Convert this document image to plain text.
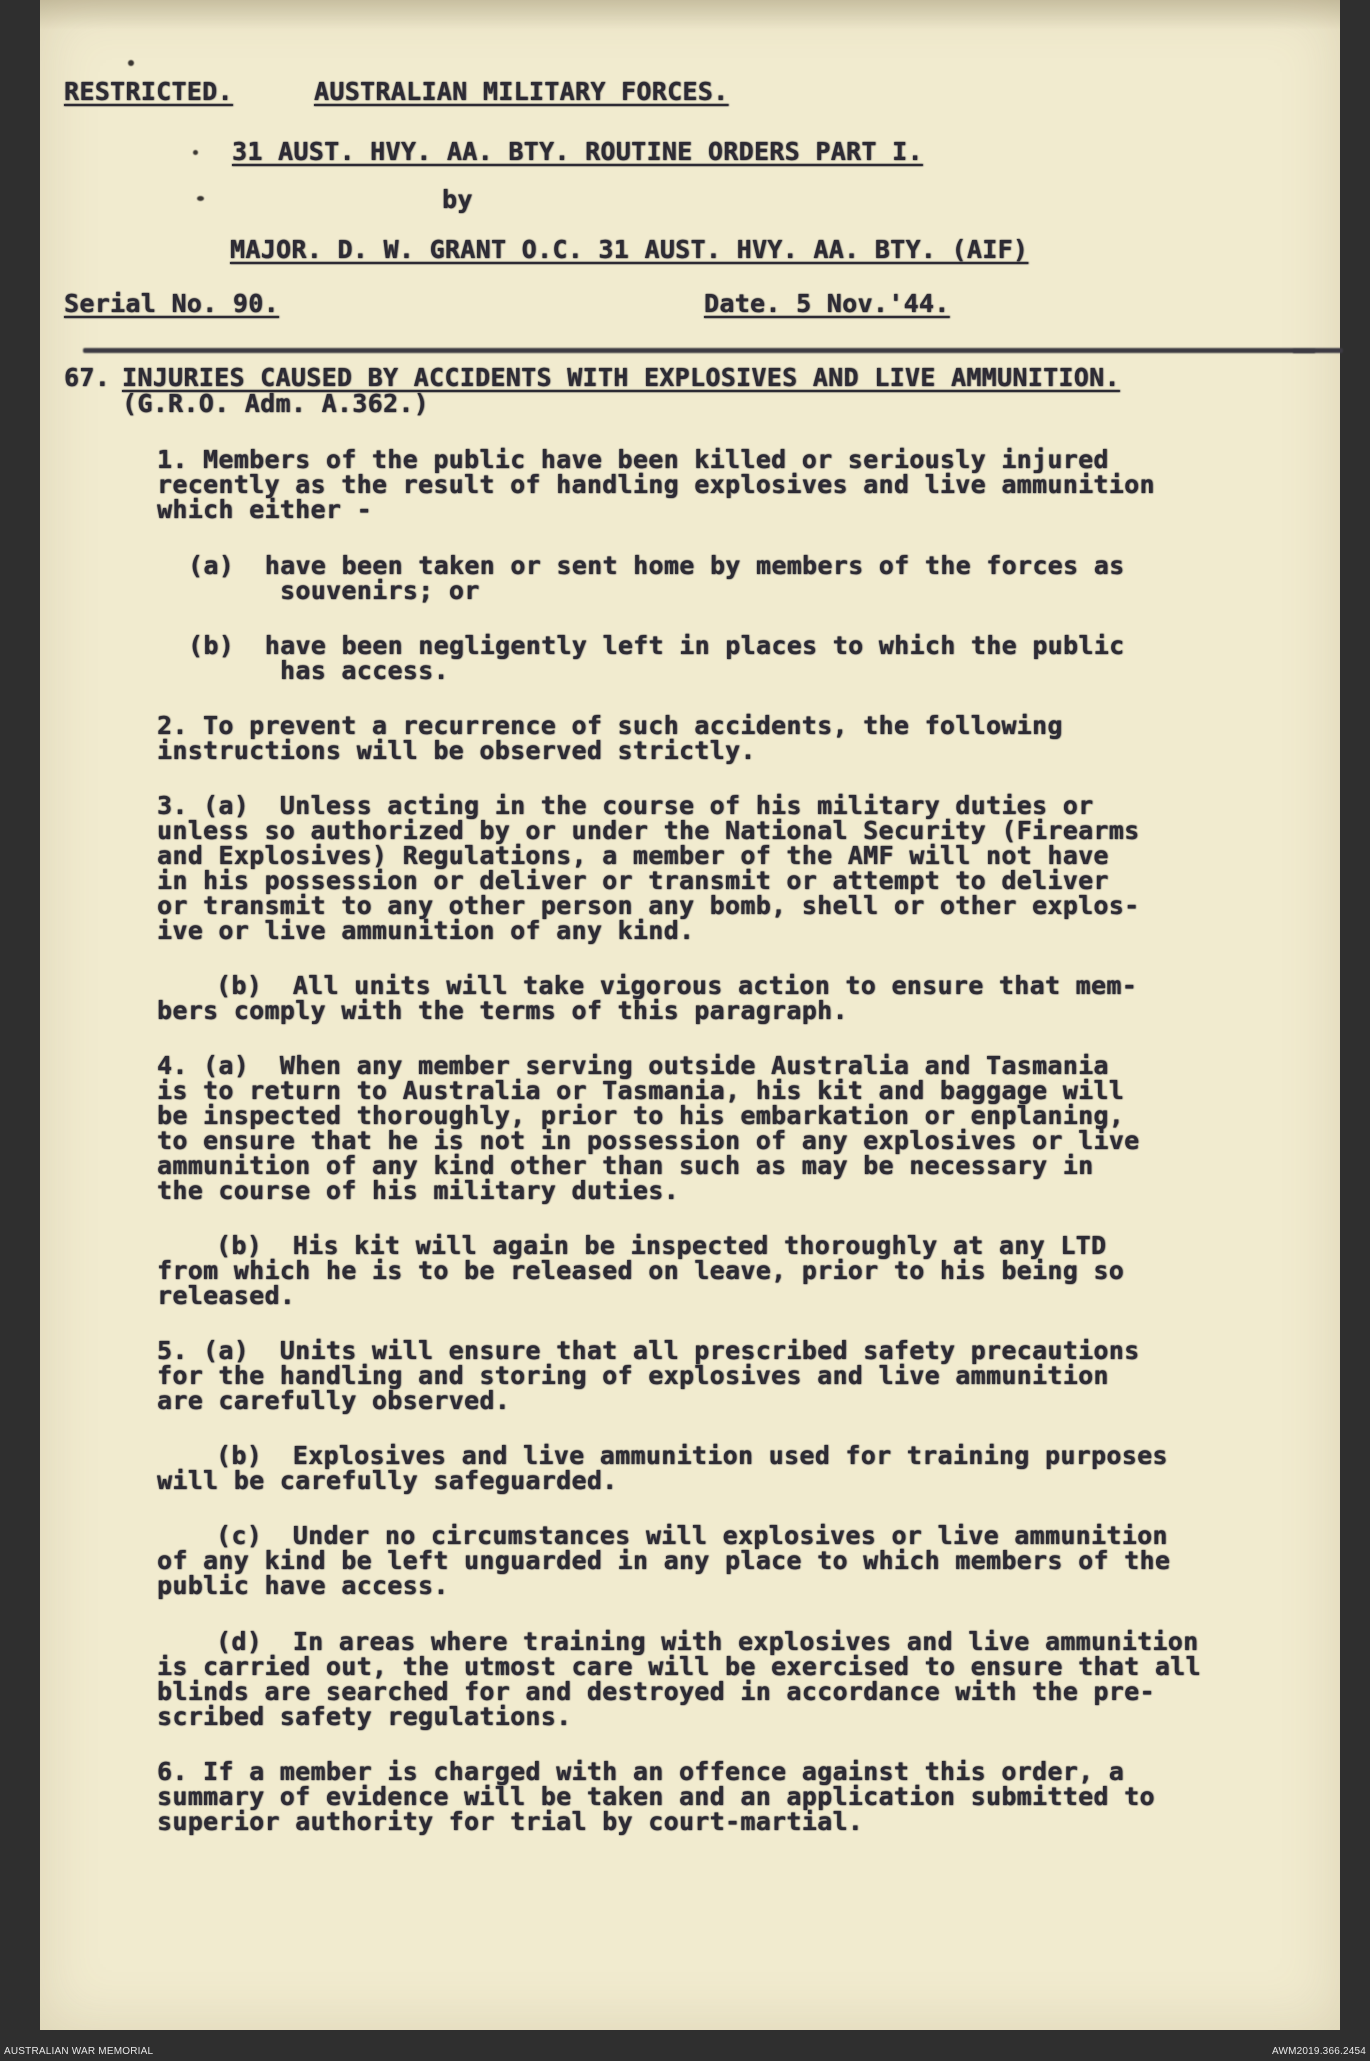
RESTRICTED.	AUSTRALIAN MILITARY FORCES.
31 AUST. HVY. AA. BTY. ROUTINE ORDERS PART I.
by
MAJOR. D. W. GRANT O.C. 31 AUST. HVY. AA. BTY. (AIF)
Serial No. 90.	Date. 5 Nov.'44.
67. INJURIES CAUSED BY ACCIDENTS WITH EXPLOSIVES AND LIVE AMMUNITION.
(G.R.O. Adm. A.362.)
1. Members of the public have been killed or seriously injured
recently as the result of handling explosives and live ammunition
which either -
(a)  have been taken or sent home by members of the forces as
souvenirs; or
(b)  have been negligently left in places to which the public
has access.
2. To prevent a recurrence of such accidents, the following
instructions will be observed strictly.
3. (a)  Unless acting in the course of his military duties or
unless so authorized by or under the National Security (Firearms
and Explosives) Regulations, a member of the AMF will not have
in his possession or deliver or transmit or attempt to deliver
or transmit to any other person any bomb, shell or other explos-
ive or live ammunition of any kind.
(b)  All units will take vigorous action to ensure that mem-
bers comply with the terms of this paragraph.
4. (a)  When any member serving outside Australia and Tasmania
is to return to Australia or Tasmania, his kit and baggage will
be inspected thoroughly, prior to his embarkation or enplaning,
to ensure that he is not in possession of any explosives or live
ammunition of any kind other than such as may be necessary in
the course of his military duties.
(b)  His kit will again be inspected thoroughly at any LTD
from which he is to be released on leave, prior to his being so
released.
5. (a)  Units will ensure that all prescribed safety precautions
for the handling and storing of explosives and live ammunition
are carefully observed.
(b)  Explosives and live ammunition used for training purposes
will be carefully safeguarded.
(c)  Under no circumstances will explosives or live ammunition
of any kind be left unguarded in any place to which members of the
public have access.
(d)  In areas where training with explosives and live ammunition
is carried out, the utmost care will be exercised to ensure that all
blinds are searched for and destroyed in accordance with the pre-
scribed safety regulations.
6. If a member is charged with an offence against this order, a
summary of evidence will be taken and an application submitted to
superior authority for trial by court-martial.
AUSTRALIAN WAR MEMORIAL	AWM2019.366.2454
